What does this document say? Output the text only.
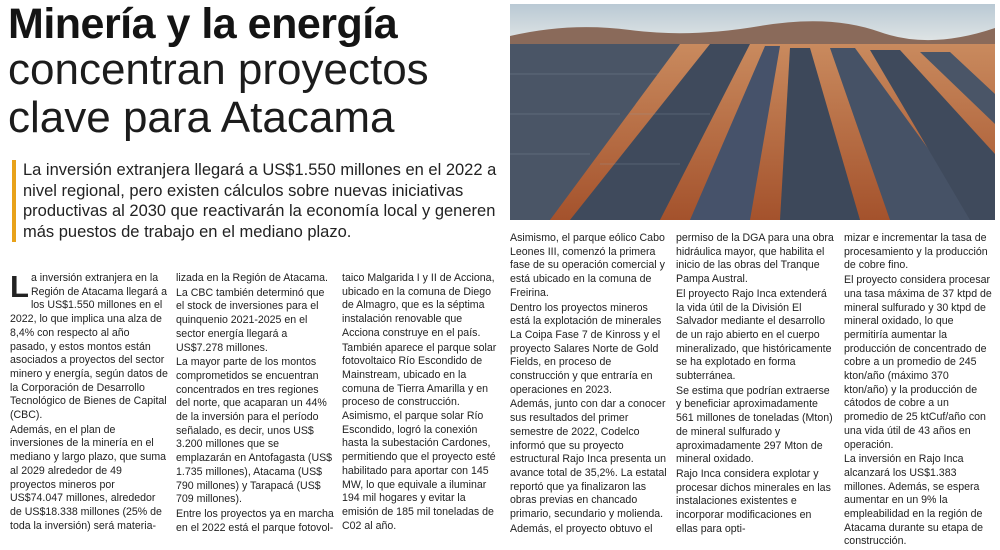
Minería y la energía
concentran proyectos
clave para Atacama
La inversión extranjera llegará a US$1.550 millones en el 2022 a nivel regional, pero existen cálculos sobre nuevas iniciativas productivas al 2030 que reactivarán la economía local y generen más puestos de trabajo en el mediano plazo.

La inversión extranjera en la Región de Atacama llegará a los US$1.550 millones en el 2022, lo que implica una alza de 8,4% con respecto al año pasado, y estos montos están asociados a proyectos del sector minero y energía, según datos de la Corporación de Desarrollo Tecnológico de Bienes de Capital (CBC).

Además, en el plan de inversiones de la minería en el mediano y largo plazo, que suma al 2029 alrededor de 49 proyectos mineros por US$74.047 millones, alrededor de US$18.338 millones (25% de toda la inversión) será materia-

lizada en la Región de Atacama.

La CBC también determinó que el stock de inversiones para el quinquenio 2021-2025 en el sector energía llegará a US$7.278 millones.

La mayor parte de los montos comprometidos se encuentran concentrados en tres regiones del norte, que acaparan un 44% de la inversión para el período señalado, es decir, unos US$ 3.200 millones que se emplazarán en Antofagasta (US$ 1.735 millones), Atacama (US$ 790 millones) y Tarapacá (US$ 709 millones).

Entre los proyectos ya en marcha en el 2022 está el parque fotovol-

taico Malgarida I y II de Acciona, ubicado en la comuna de Diego de Almagro, que es la séptima instalación renovable que Acciona construye en el país.

También aparece el parque solar fotovoltaico Río Escondido de Mainstream, ubicado en la comuna de Tierra Amarilla y en proceso de construcción. Asimismo, el parque solar Río Escondido, logró la conexión hasta la subestación Cardones, permitiendo que el proyecto esté habilitado para aportar con 145 MW, lo que equivale a iluminar 194 mil hogares y evitar la emisión de 185 mil toneladas de C02 al año.

Asimismo, el parque eólico Cabo Leones III, comenzó la primera fase de su operación comercial y está ubicado en la comuna de Freirina.

Dentro los proyectos mineros está la explotación de minerales La Coipa Fase 7 de Kinross y el proyecto Salares Norte de Gold Fields, en proceso de construcción y que entraría en operaciones en 2023.

Además, junto con dar a conocer sus resultados del primer semestre de 2022, Codelco informó que su proyecto estructural Rajo Inca presenta un avance total de 35,2%. La estatal reportó que ya finalizaron las obras previas en chancado primario, secundario y molienda.

Además, el proyecto obtuvo el

permiso de la DGA para una obra hidráulica mayor, que habilita el inicio de las obras del Tranque Pampa Austral.

El proyecto Rajo Inca extenderá la vida útil de la División El Salvador mediante el desarrollo de un rajo abierto en el cuerpo mineralizado, que históricamente se ha explotado en forma subterránea.

Se estima que podrían extraerse y beneficiar aproximadamente 561 millones de toneladas (Mton) de mineral sulfurado y aproximadamente 297 Mton de mineral oxidado.

Rajo Inca considera explotar y procesar dichos minerales en las instalaciones existentes e incorporar modificaciones en ellas para opti-

mizar e incrementar la tasa de procesamiento y la producción de cobre fino.

El proyecto considera procesar una tasa máxima de 37 ktpd de mineral sulfurado y 30 ktpd de mineral oxidado, lo que permitiría aumentar la producción de concentrado de cobre a un promedio de 245 kton/año (máximo 370 kton/año) y la producción de cátodos de cobre a un promedio de 25 ktCuf/año con una vida útil de 43 años en operación.

La inversión en Rajo Inca alcanzará los US$1.383 millones. Además, se espera aumentar en un 9% la empleabilidad en la región de Atacama durante su etapa de construcción.
